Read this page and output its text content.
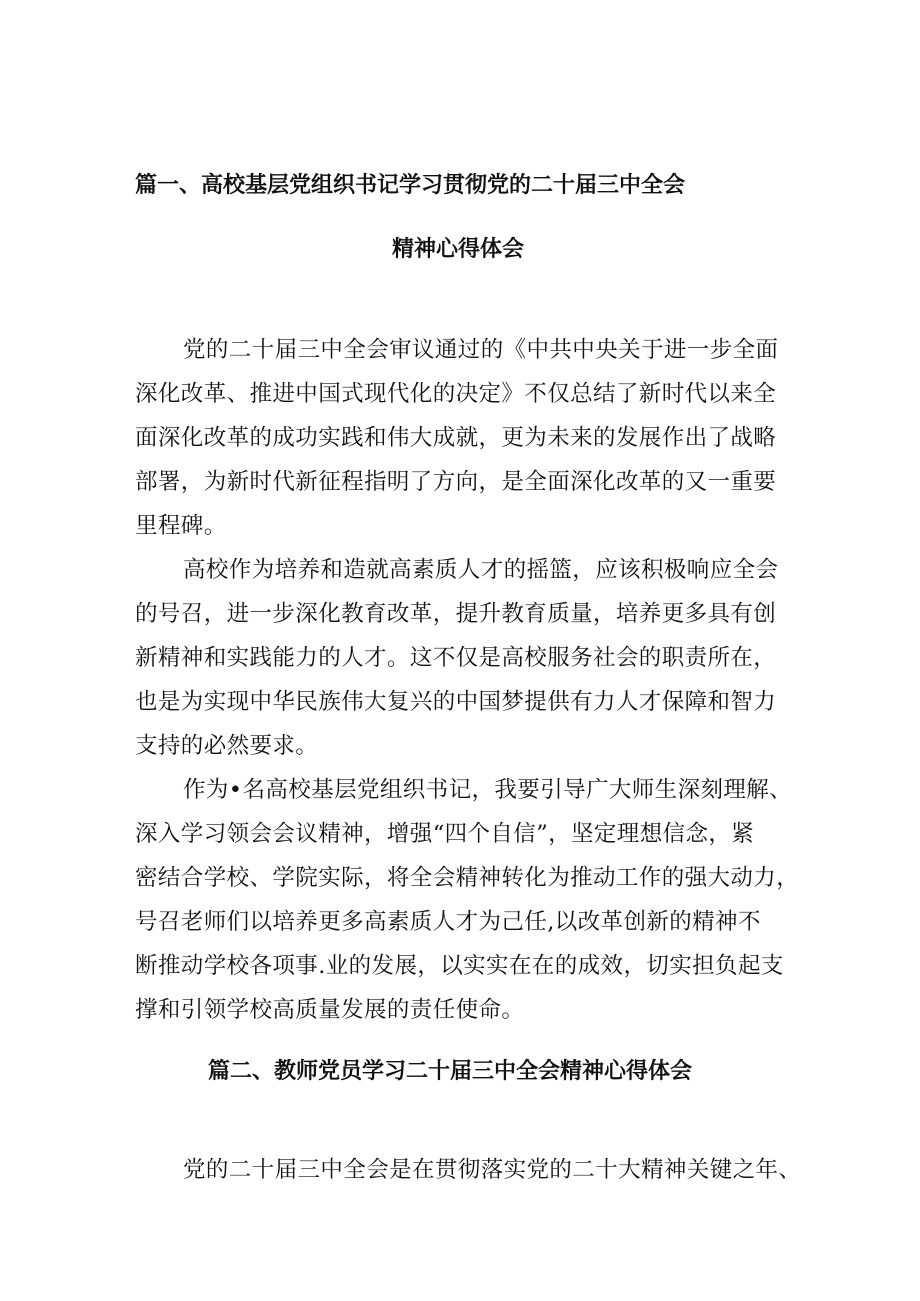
篇一、高校基层党组织书记学习贯彻党的二十届三中全会
精神心得体会
党的二十届三中全会审议通过的《中共中央关于进一步全面
深化改革、推进中国式现代化的决定》不仅总结了新时代以来全
面深化改革的成功实践和伟大成就，更为未来的发展作出了战略
部署，为新时代新征程指明了方向，是全面深化改革的又一重要
里程碑。
高校作为培养和造就高素质人才的摇篮，应该积极响应全会
的号召，进一步深化教育改革，提升教育质量，培养更多具有创
新精神和实践能力的人才。这不仅是高校服务社会的职责所在，
也是为实现中华民族伟大复兴的中国梦提供有力人才保障和智力
支持的必然要求。
作为•名高校基层党组织书记，我要引导广大师生深刻理解、
深入学习领会会议精神，增强“四个自信”，坚定理想信念，紧
密结合学校、学院实际，将全会精神转化为推动工作的强大动力，
号召老师们以培养更多高素质人才为己任,以改革创新的精神不
断推动学校各项事.业的发展，以实实在在的成效，切实担负起支
撑和引领学校高质量发展的责任使命。
篇二、教师党员学习二十届三中全会精神心得体会
党的二十届三中全会是在贯彻落实党的二十大精神关键之年、
